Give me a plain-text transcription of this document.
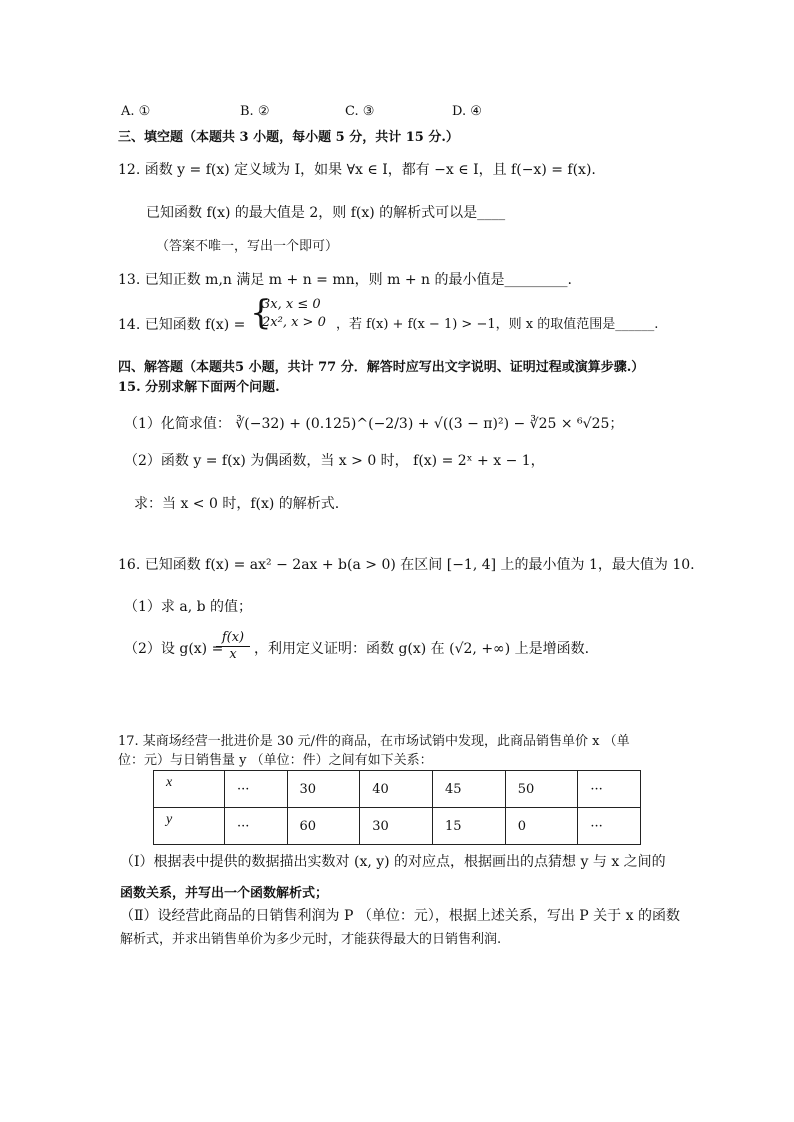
A. ①	B. ②	C. ③	D. ④
三、填空题（本题共 3 小题，每小题 5 分，共计 15 分.）
12. 函数 y = f(x) 定义域为 I，如果 ∀x ∈ I，都有 −x ∈ I，且 f(−x) = f(x).
已知函数 f(x) 的最大值是 2，则 f(x) 的解析式可以是____
（答案不唯一，写出一个即可）
13. 已知正数 m,n 满足 m + n = mn，则 m + n 的最小值是_________.
14. 已知函数 f(x) = {
3x, x ≤ 0
2x², x > 0 ，若 f(x) + f(x − 1) > −1，则 x 的取值范围是______.
四、解答题（本题共5 小题，共计 77 分．解答时应写出文字说明、证明过程或演算步骤.）
15. 分别求解下面两个问题.
（1）化简求值： ∛(−32) + (0.125)^(−2/3) + √((3 − π)²) − ∛25 × ⁶√25；
（2）函数 y = f(x) 为偶函数，当 x > 0 时， f(x) = 2ˣ + x − 1，
求：当 x < 0 时，f(x) 的解析式.
16. 已知函数 f(x) = ax² − 2ax + b(a > 0) 在区间 [−1, 4] 上的最小值为 1，最大值为 10.
（1）求 a, b 的值；
（2）设 g(x) =
$\frac{f(x)}{x}$ ，利用定义证明：函数 g(x) 在 (√2, +∞) 上是增函数.
17. 某商场经营一批进价是 30 元/件的商品，在市场试销中发现，此商品销售单价 x （单
位：元）与日销售量 y （单位：件）之间有如下关系：
x	···	30	40	45	50	···
y	···	60	30	15	0	···
（Ⅰ）根据表中提供的数据描出实数对 (x, y) 的对应点，根据画出的点猜想 y 与 x 之间的
函数关系，并写出一个函数解析式；
（Ⅱ）设经营此商品的日销售利润为 P （单位：元），根据上述关系，写出 P 关于 x 的函数
解析式，并求出销售单价为多少元时，才能获得最大的日销售利润.
